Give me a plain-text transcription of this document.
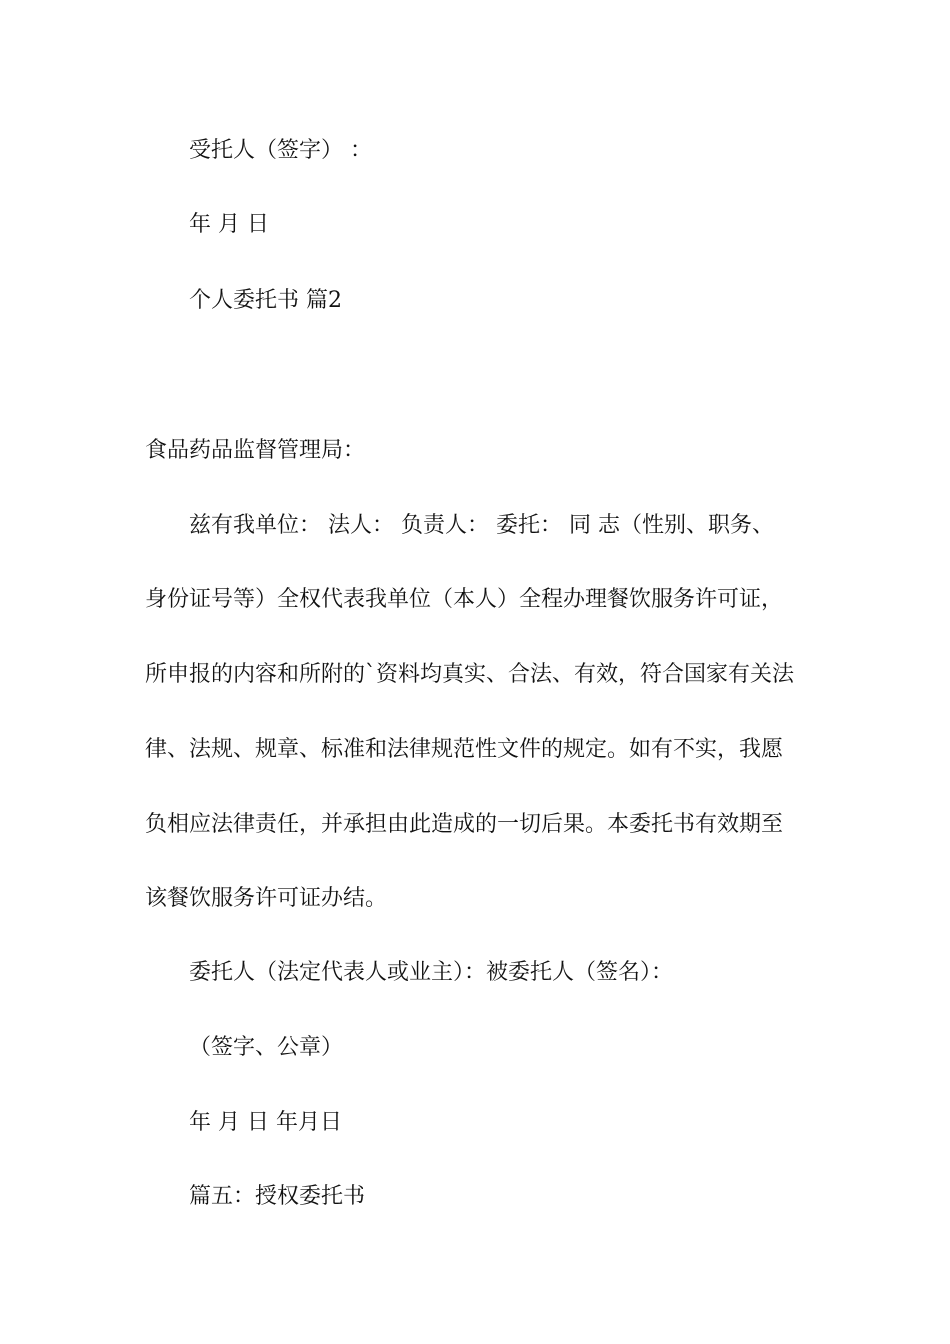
受托人（签字） ：
年 月 日
个人委托书 篇2
食品药品监督管理局：
兹有我单位： 法人： 负责人： 委托： 同 志（性别、职务、
身份证号等）全权代表我单位（本人）全程办理餐饮服务许可证，
所申报的内容和所附的`资料均真实、合法、有效，符合国家有关法
律、法规、规章、标准和法律规范性文件的规定。如有不实，我愿
负相应法律责任，并承担由此造成的一切后果。本委托书有效期至
该餐饮服务许可证办结。
委托人（法定代表人或业主）：被委托人（签名）：
（签字、公章）
年 月 日 年月日
篇五：授权委托书
